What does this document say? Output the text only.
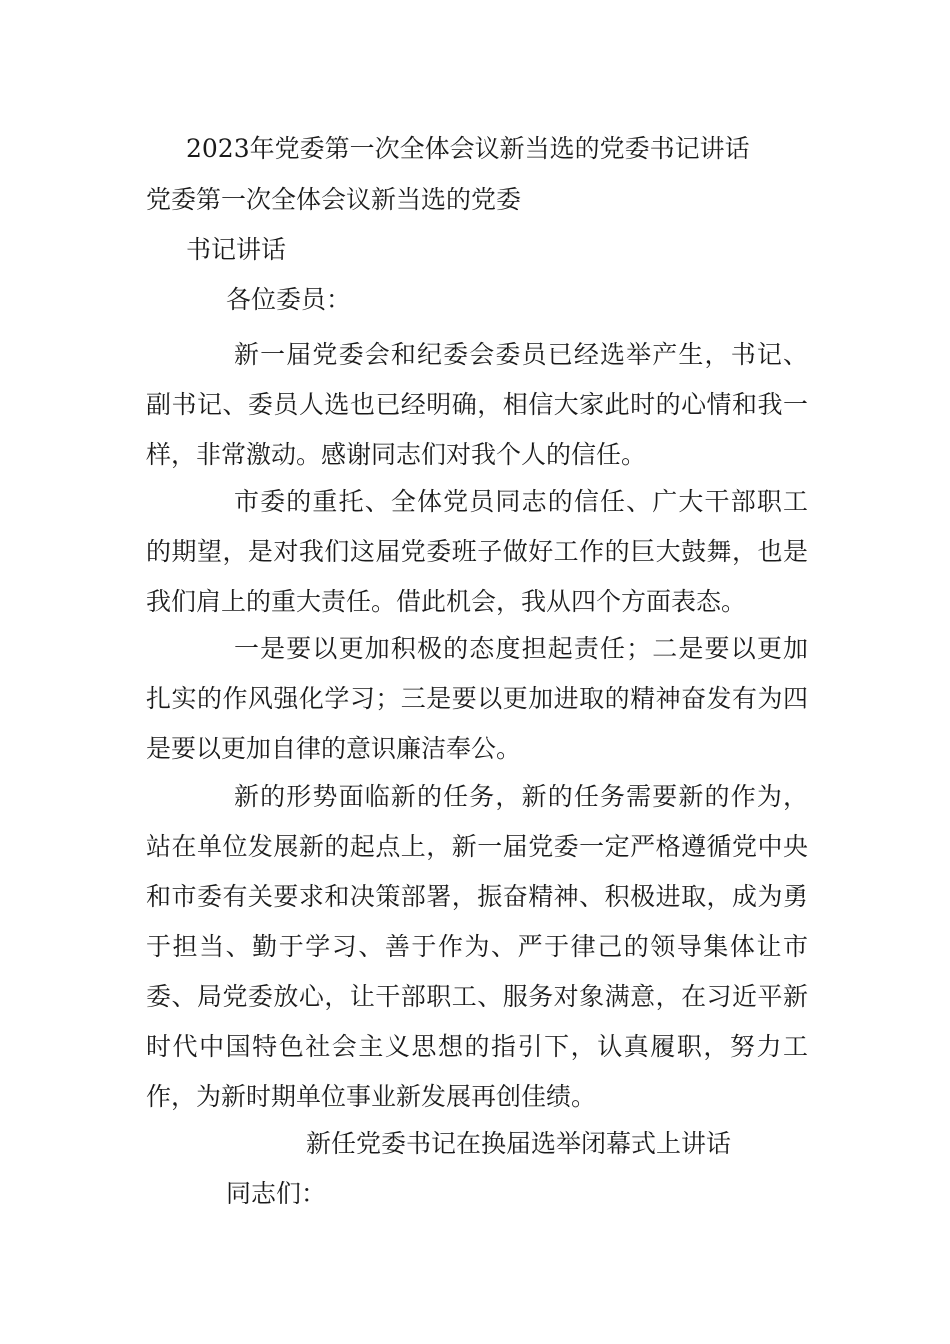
2023年党委第一次全体会议新当选的党委书记讲话
党委第一次全体会议新当选的党委
书记讲话
各位委员：

新一届党委会和纪委会委员已经选举产生，书记、副书记、委员人选也已经明确，相信大家此时的心情和我一样，非常激动。感谢同志们对我个人的信任。

市委的重托、全体党员同志的信任、广大干部职工的期望，是对我们这届党委班子做好工作的巨大鼓舞，也是我们肩上的重大责任。借此机会，我从四个方面表态。

一是要以更加积极的态度担起责任；二是要以更加扎实的作风强化学习；三是要以更加进取的精神奋发有为四是要以更加自律的意识廉洁奉公。

新的形势面临新的任务，新的任务需要新的作为，站在单位发展新的起点上，新一届党委一定严格遵循党中央和市委有关要求和决策部署，振奋精神、积极进取，成为勇于担当、勤于学习、善于作为、严于律己的领导集体让市委、局党委放心，让干部职工、服务对象满意，在习近平新时代中国特色社会主义思想的指引下，认真履职，努力工作，为新时期单位事业新发展再创佳绩。

新任党委书记在换届选举闭幕式上讲话
同志们：
